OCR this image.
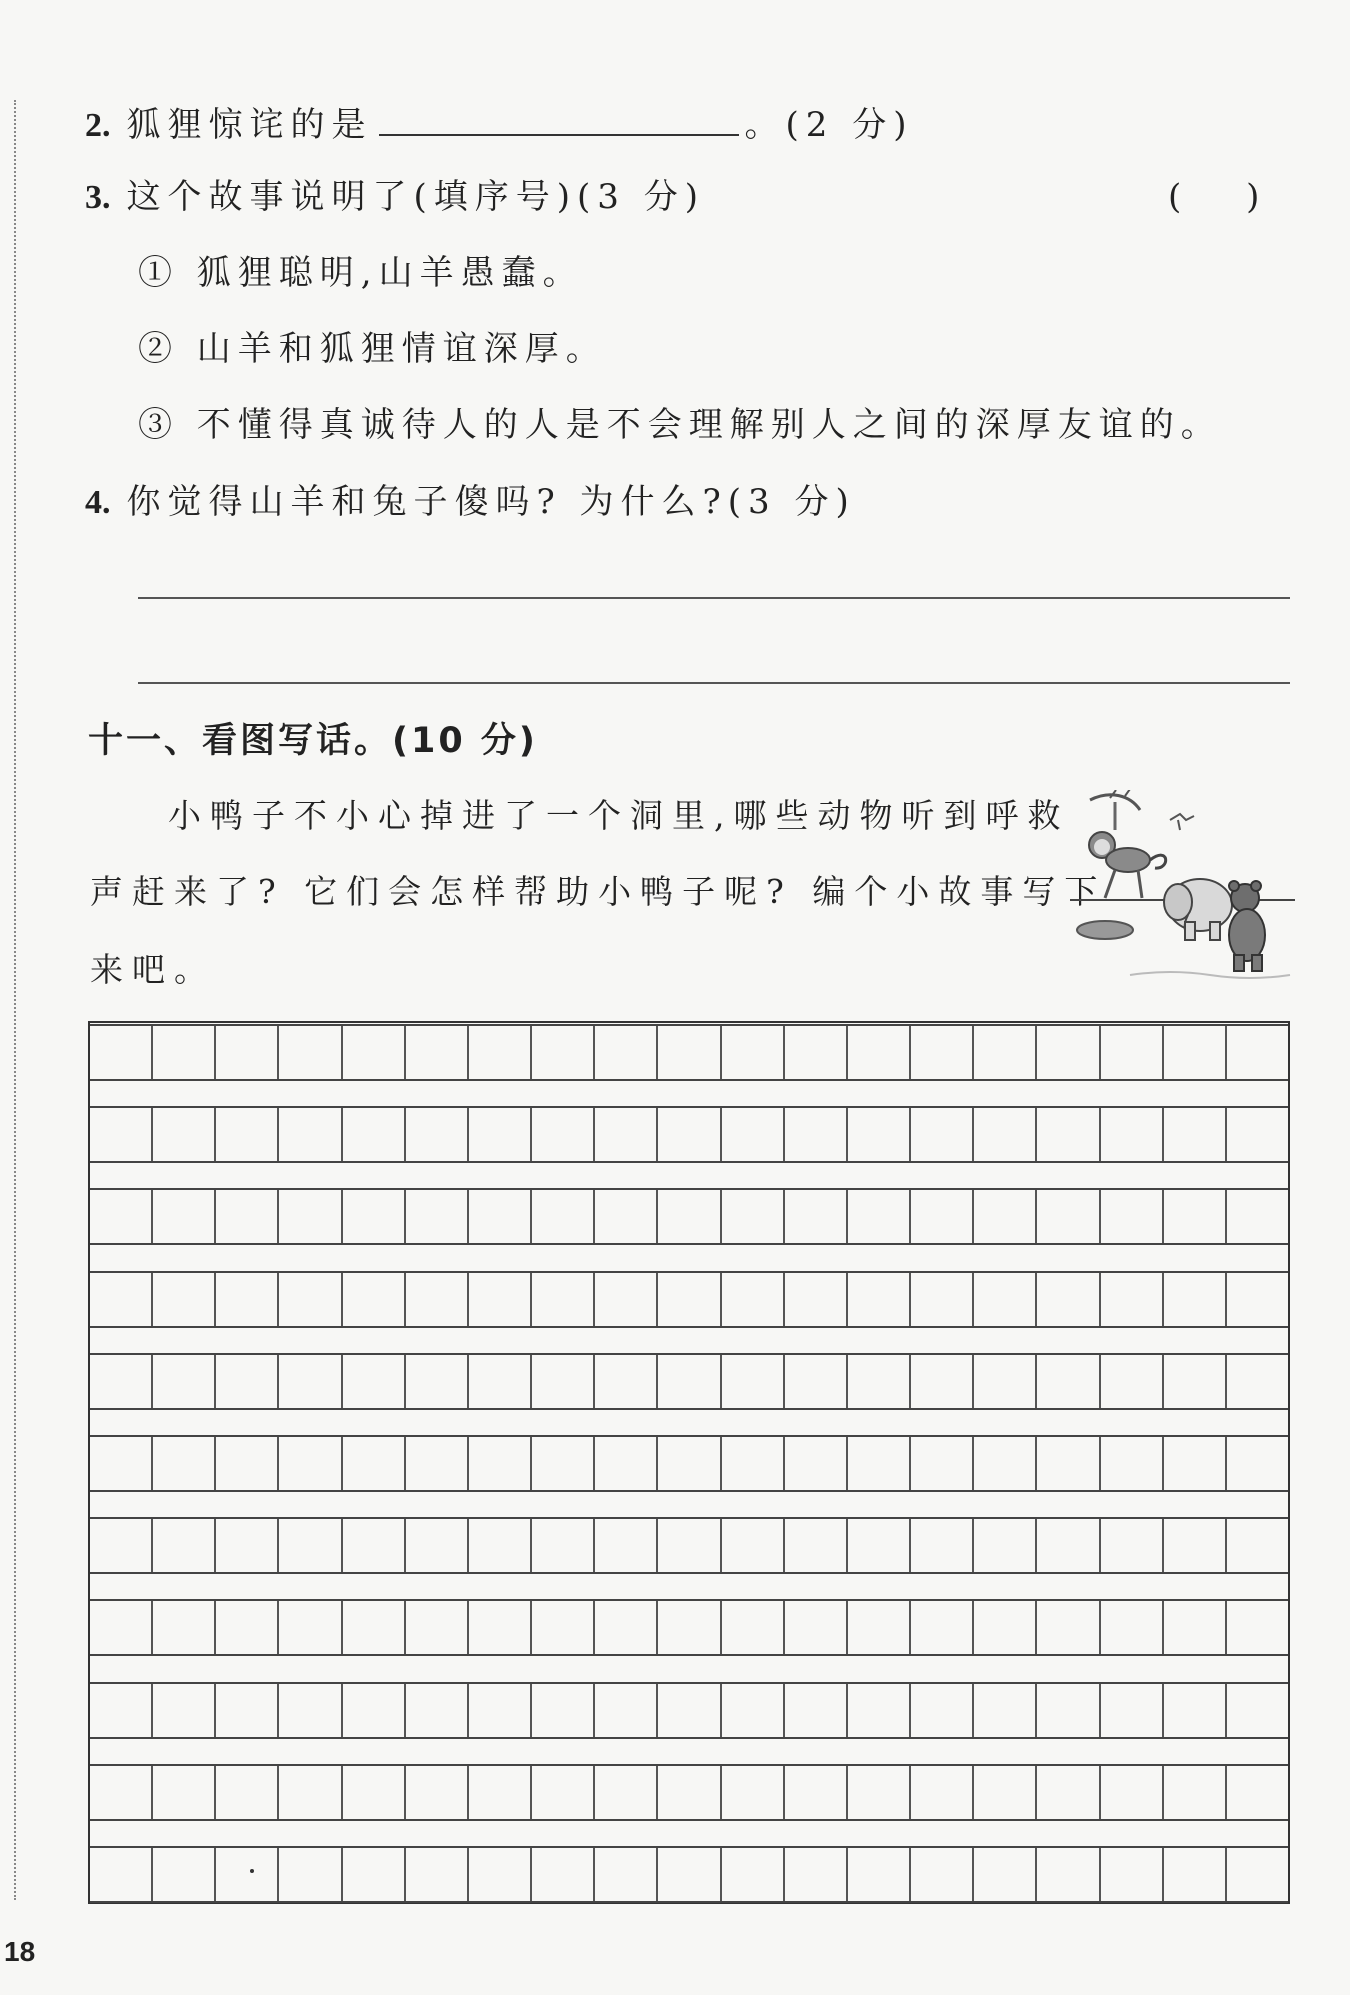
2. 狐狸惊诧的是	。(2 分)
3. 这个故事说明了(填序号)(3 分)	(      )
① 狐狸聪明,山羊愚蠢。
② 山羊和狐狸情谊深厚。
③ 不懂得真诚待人的人是不会理解别人之间的深厚友谊的。
4. 你觉得山羊和兔子傻吗? 为什么?(3 分)
十一、看图写话。(10 分)
小鸭子不小心掉进了一个洞里,哪些动物听到呼救
声赶来了? 它们会怎样帮助小鸭子呢? 编个小故事写下
来吧。
18
